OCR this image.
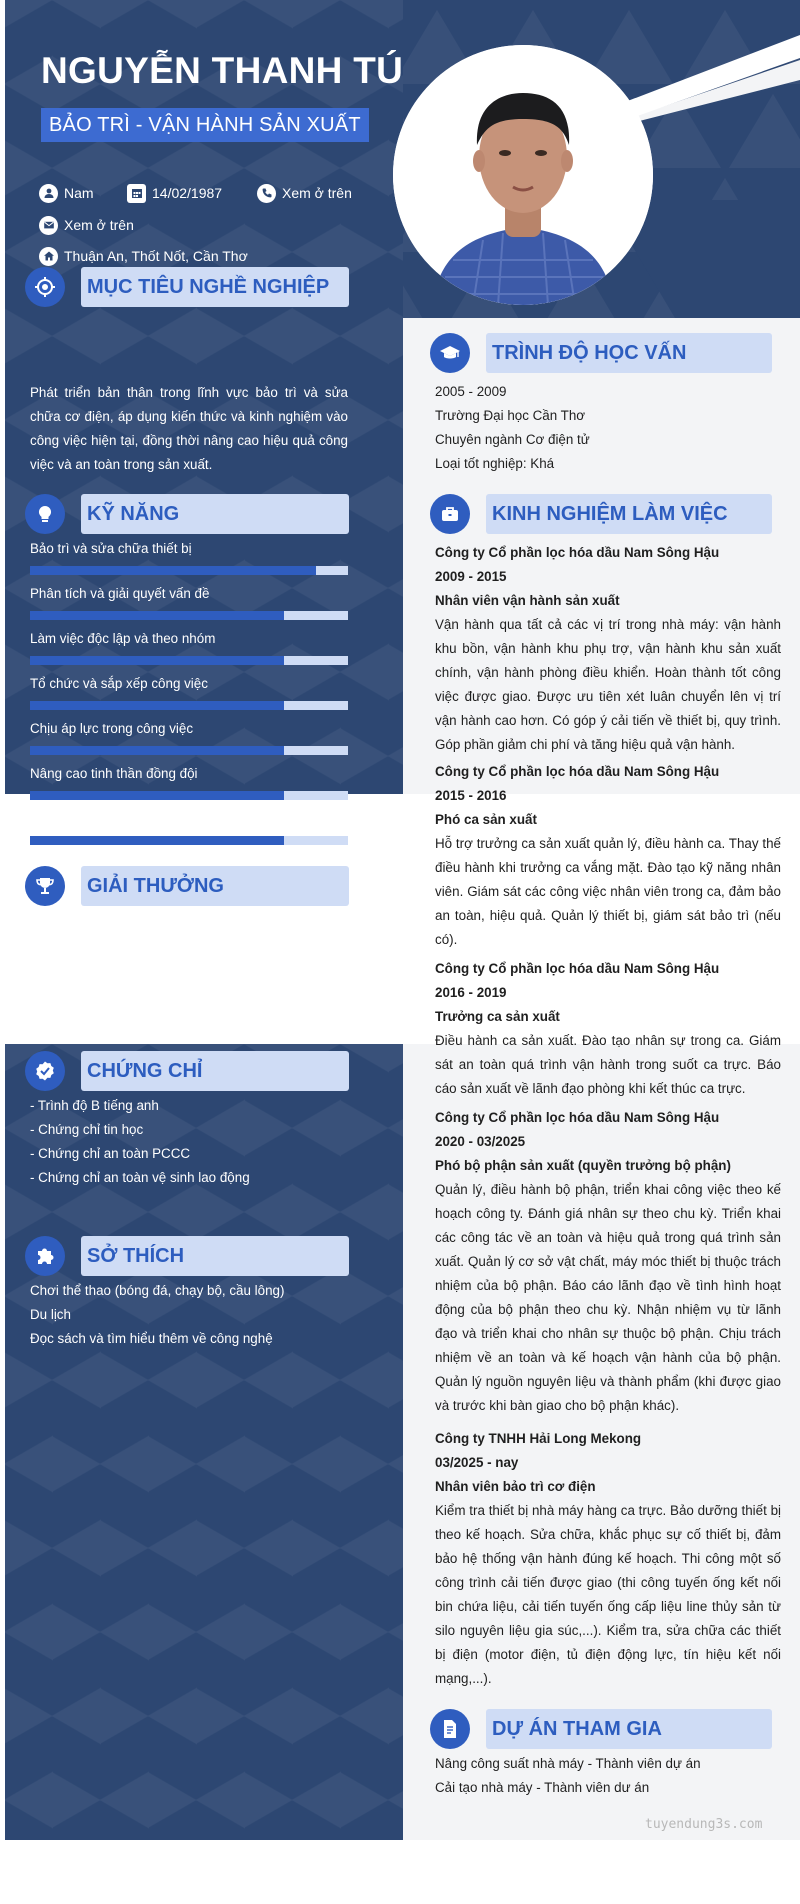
NGUYỄN THANH TÚ
BẢO TRÌ - VẬN HÀNH SẢN XUẤT
Nam	14/02/1987	Xem ở trên
Xem ở trên
Thuận An, Thốt Nốt, Cần Thơ
MỤC TIÊU NGHỀ NGHIỆP
Phát triển bản thân trong lĩnh vực bảo trì và sửa chữa cơ điện, áp dụng kiến thức và kinh nghiệm vào công việc hiện tại, đồng thời nâng cao hiệu quả công việc và an toàn trong sản xuất.
KỸ NĂNG
GIẢI THƯỞNG
CHỨNG CHỈ
SỞ THÍCH
TRÌNH ĐỘ HỌC VẤN
KINH NGHIỆM LÀM VIỆC
DỰ ÁN THAM GIA
tuyendung3s.com
Bảo trì và sửa chữa thiết bị
Phân tích và giải quyết vấn đề
Làm việc độc lập và theo nhóm
Tổ chức và sắp xếp công việc
Chịu áp lực trong công việc
Nâng cao tinh thần đồng đội
- Trình độ B tiếng anh
- Chứng chỉ tin học
- Chứng chỉ an toàn PCCC
- Chứng chỉ an toàn vệ sinh lao động
Chơi thể thao (bóng đá, chạy bộ, cầu lông)
Du lịch
Đọc sách và tìm hiểu thêm về công nghệ
2005 - 2009
Trường Đại học Cần Thơ
Chuyên ngành Cơ điện tử
Loại tốt nghiệp: Khá
Nâng công suất nhà máy - Thành viên dự án
Cải tạo nhà máy - Thành viên dư án
Công ty Cổ phần lọc hóa dầu Nam Sông Hậu
2009 - 2015
Nhân viên vận hành sản xuất
Vận hành qua tất cả các vị trí trong nhà máy: vận hành khu bồn, vận hành khu phụ trợ, vận hành khu sản xuất chính, vận hành phòng điều khiển. Hoàn thành tốt công việc được giao. Được ưu tiên xét luân chuyển lên vị trí vận hành cao hơn. Có góp ý cải tiến về thiết bị, quy trình. Góp phần giảm chi phí và tăng hiệu quả vận hành.
Công ty Cổ phần lọc hóa dầu Nam Sông Hậu
2015 - 2016
Phó ca sản xuất
Hỗ trợ trưởng ca sản xuất quản lý, điều hành ca. Thay thế điều hành khi trưởng ca vắng mặt. Đào tạo kỹ năng nhân viên. Giám sát các công việc nhân viên trong ca, đảm bảo an toàn, hiệu quả. Quản lý thiết bị, giám sát bảo trì (nếu có).
Công ty Cổ phần lọc hóa dầu Nam Sông Hậu
2016 - 2019
Trưởng ca sản xuất
Điều hành ca sản xuất. Đào tạo nhân sự trong ca. Giám sát an toàn quá trình vận hành trong suốt ca trực. Báo cáo sản xuất về lãnh đạo phòng khi kết thúc ca trực.
Công ty Cổ phần lọc hóa dầu Nam Sông Hậu
2020 - 03/2025
Phó bộ phận sản xuất (quyền trưởng bộ phận)
Quản lý, điều hành bộ phận, triển khai công việc theo kế hoạch công ty. Đánh giá nhân sự theo chu kỳ. Triển khai các công tác về an toàn và hiệu quả trong quá trình sản xuất. Quản lý cơ sở vật chất, máy móc thiết bị thuộc trách nhiệm của bộ phận. Báo cáo lãnh đạo về tình hình hoạt động của bộ phận theo chu kỳ. Nhận nhiệm vụ từ lãnh đạo và triển khai cho nhân sự thuộc bộ phận. Chịu trách nhiệm về an toàn và kế hoạch vận hành của bộ phận. Quản lý nguồn nguyên liệu và thành phẩm (khi được giao và trước khi bàn giao cho bộ phận khác).
Công ty TNHH Hải Long Mekong
03/2025 - nay
Nhân viên bảo trì cơ điện
Kiểm tra thiết bị nhà máy hàng ca trực. Bảo dưỡng thiết bị theo kế hoạch. Sửa chữa, khắc phục sự cố thiết bị, đảm bảo hệ thống vận hành đúng kế hoạch. Thi công một số công trình cải tiến được giao (thi công tuyến ống kết nối bin chứa liệu, cải tiến tuyến ống cấp liệu line thủy sản từ silo nguyên liệu gia súc,...). Kiểm tra, sửa chữa các thiết bị điện (motor điện, tủ điện động lực, tín hiệu kết nối mạng,...).
